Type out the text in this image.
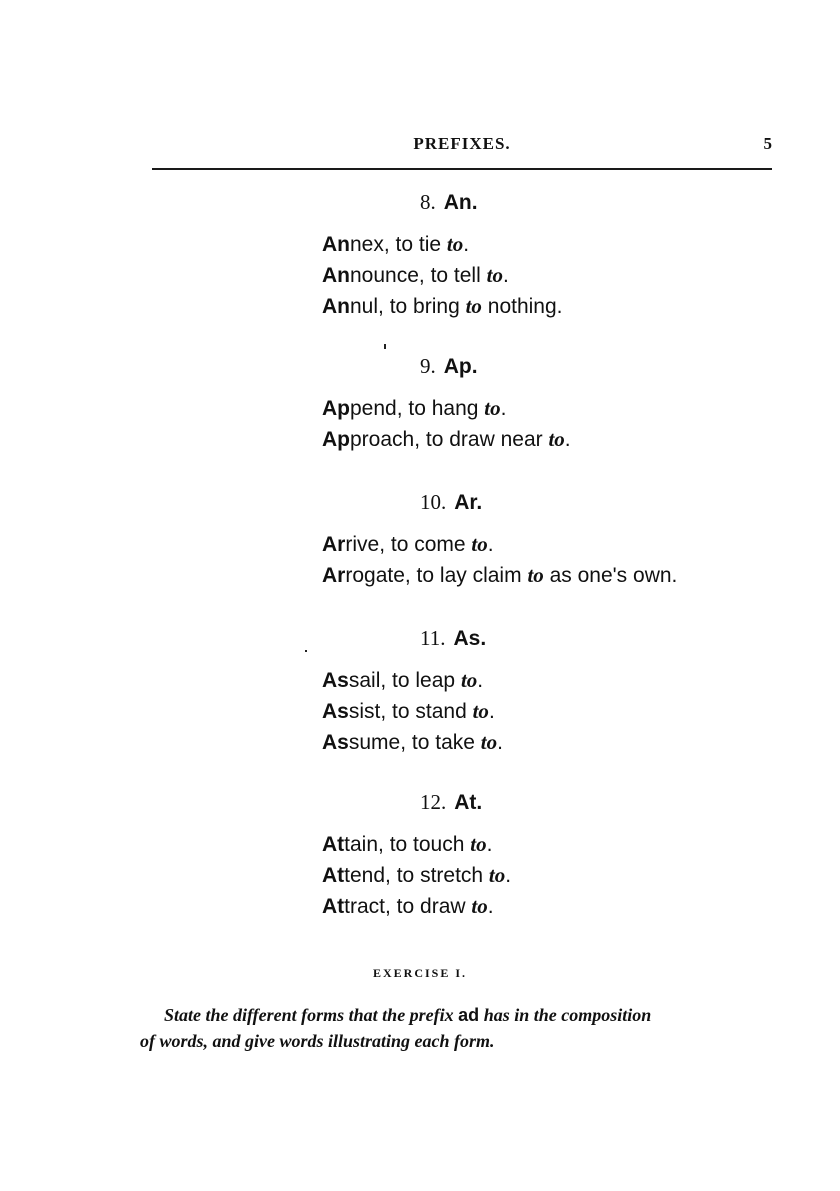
PREFIXES.	5
8. An.
Annex, to tie to.
Announce, to tell to.
Annul, to bring to nothing.
9. Ap.
Append, to hang to.
Approach, to draw near to.
10. Ar.
Arrive, to come to.
Arrogate, to lay claim to as one's own.
11. As.
Assail, to leap to.
Assist, to stand to.
Assume, to take to.
12. At.
Attain, to touch to.
Attend, to stretch to.
Attract, to draw to.
EXERCISE I.
State the different forms that the prefix ad has in the composition
of words, and give words illustrating each form.
